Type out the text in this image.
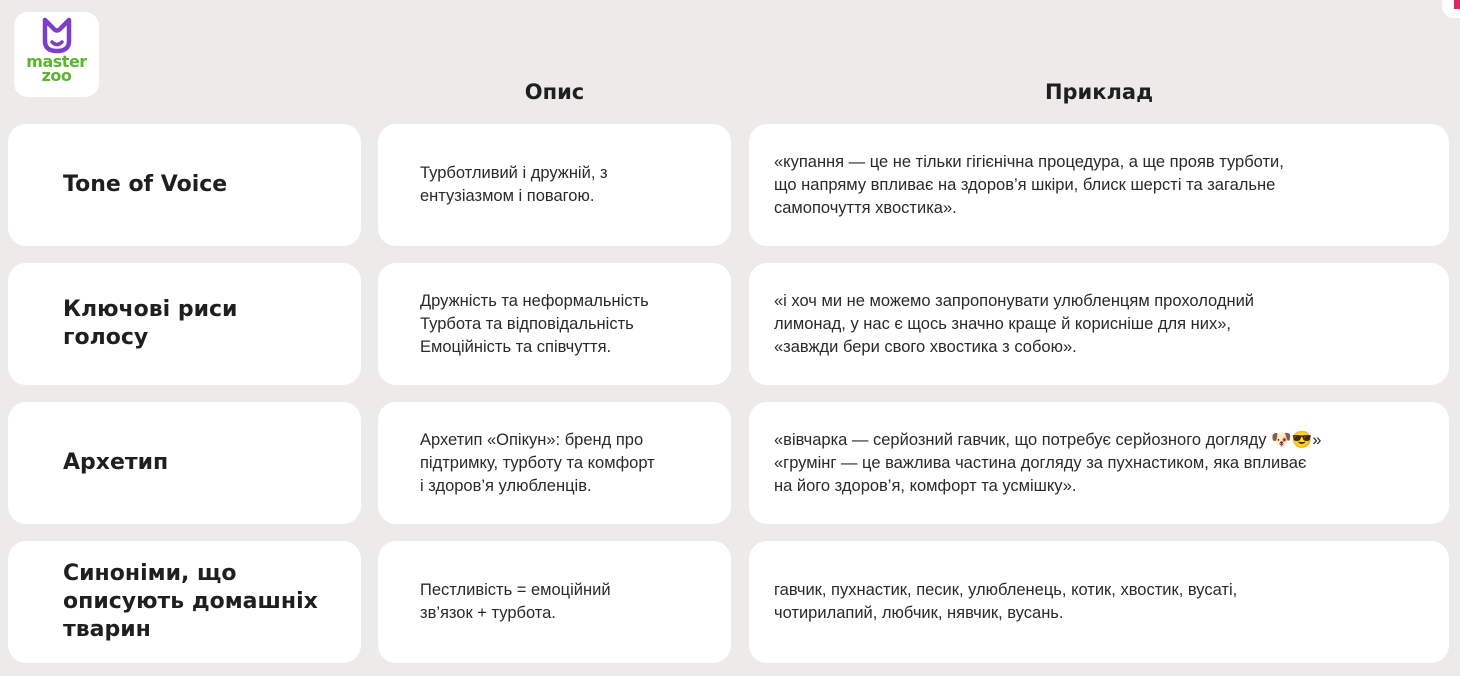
master
zoo
Опис	Приклад
Tone of Voice	Турботливий і дружній, з
ентузіазмом і повагою.
«купання — це не тільки гігієнічна процедура, а ще прояв турботи,
що напряму впливає на здоров’я шкіри, блиск шерсті та загальне
самопочуття хвостика».
Ключові риси
голосу
Дружність та неформальність
Турбота та відповідальність
Емоційність та співчуття.
«і хоч ми не можемо запропонувати улюбленцям прохолодний
лимонад, у нас є щось значно краще й корисніше для них»,
«завжди бери свого хвостика з собою».
Архетип
Архетип «Опікун»: бренд про
підтримку, турботу та комфорт
і здоров’я улюбленців.
«вівчарка — серйозний гавчик, що потребує серйозного догляду 🐶😎»
«грумінг — це важлива частина догляду за пухнастиком, яка впливає
на його здоров’я, комфорт та усмішку».
Синоніми, що
описують домашніх
тварин
Пестливість = емоційний
зв’язок + турбота.
гавчик, пухнастик, песик, улюбленець, котик, хвостик, вусаті,
чотирилапий, любчик, нявчик, вусань.
